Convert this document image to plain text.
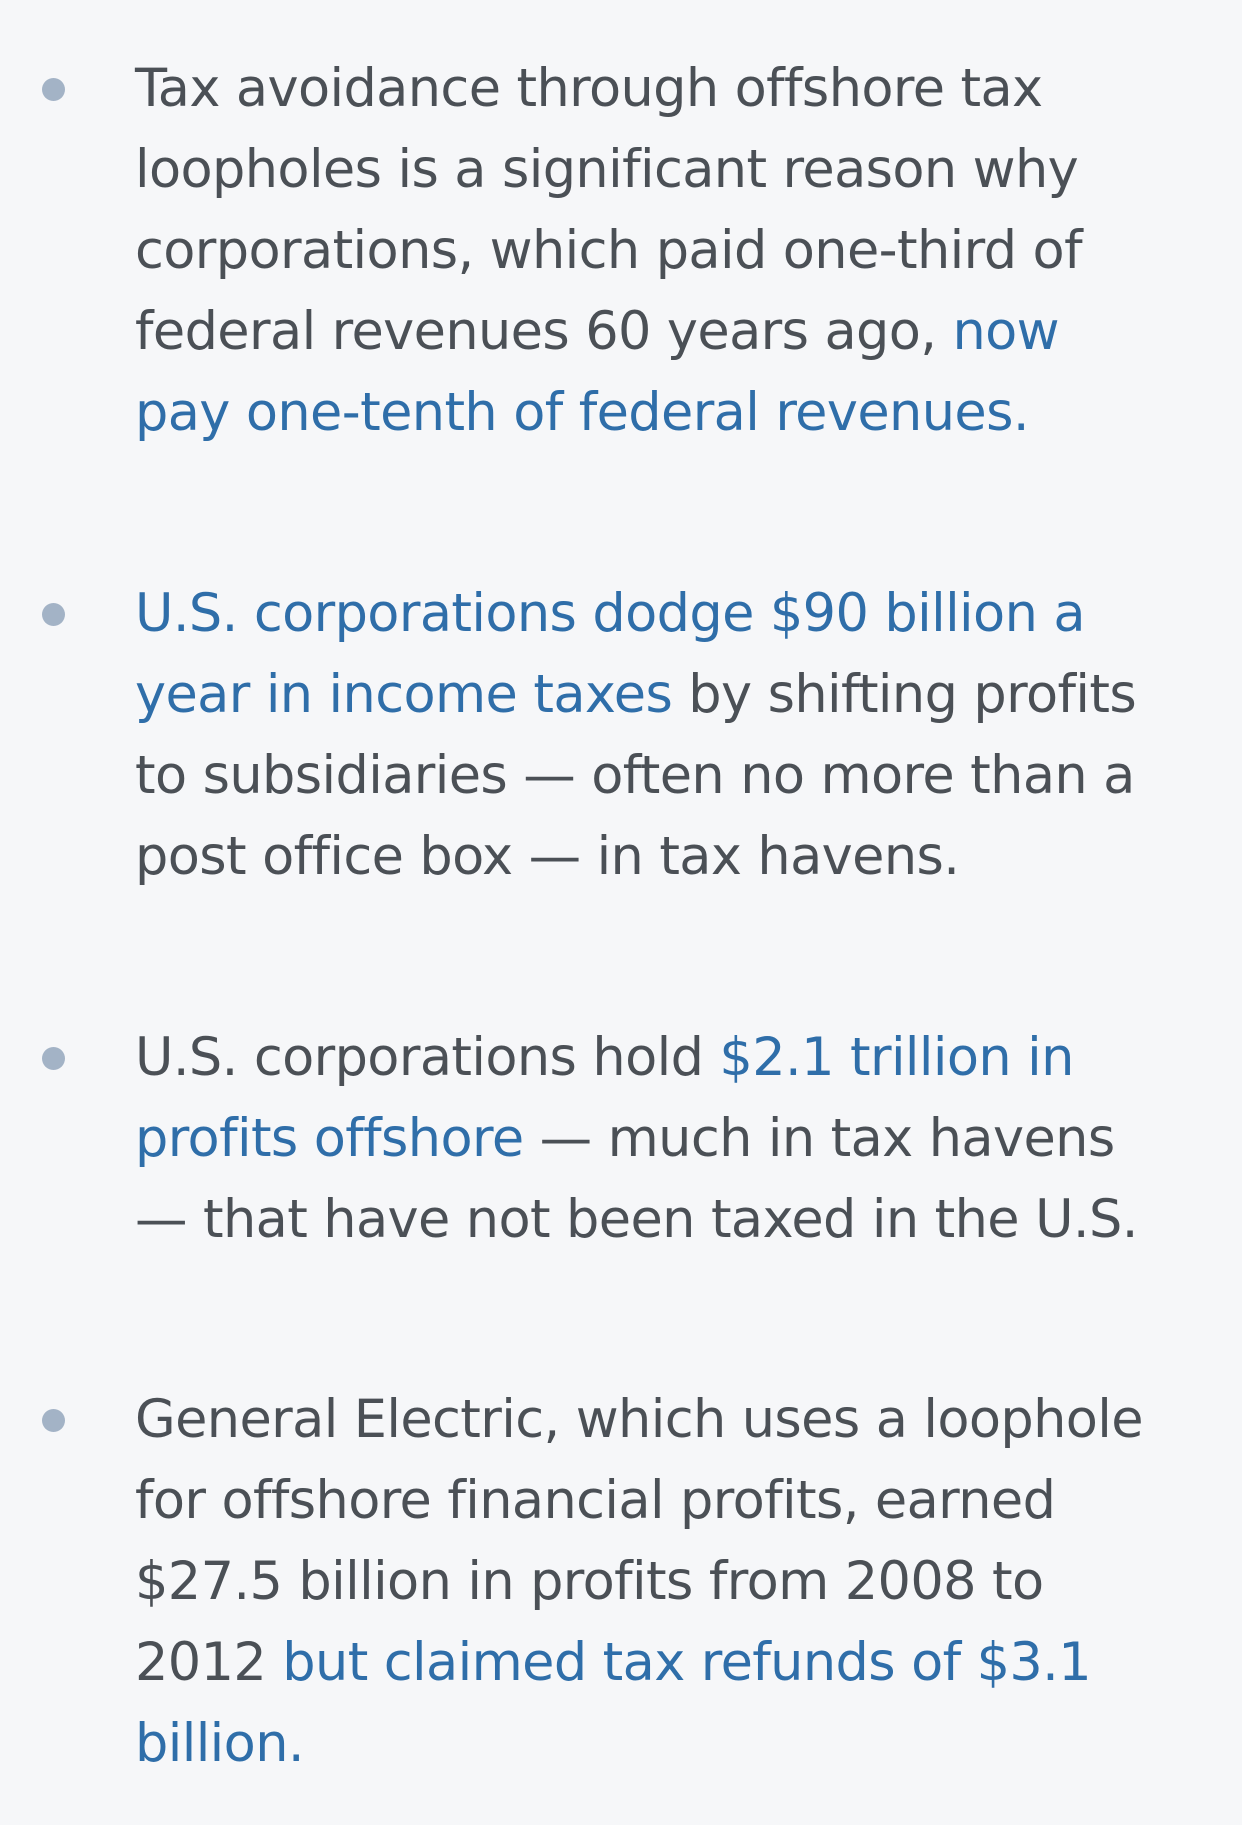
Tax avoidance through offshore tax loopholes is a significant reason why corporations, which paid one-third of federal revenues 60 years ago, now pay one-tenth of federal revenues.

U.S. corporations dodge $90 billion a year in income taxes by shifting profits to subsidiaries — often no more than a post office box — in tax havens.

U.S. corporations hold $2.1 trillion in profits offshore — much in tax havens — that have not been taxed in the U.S.

General Electric, which uses a loophole for offshore financial profits, earned $27.5 billion in profits from 2008 to 2012 but claimed tax refunds of $3.1 billion.
